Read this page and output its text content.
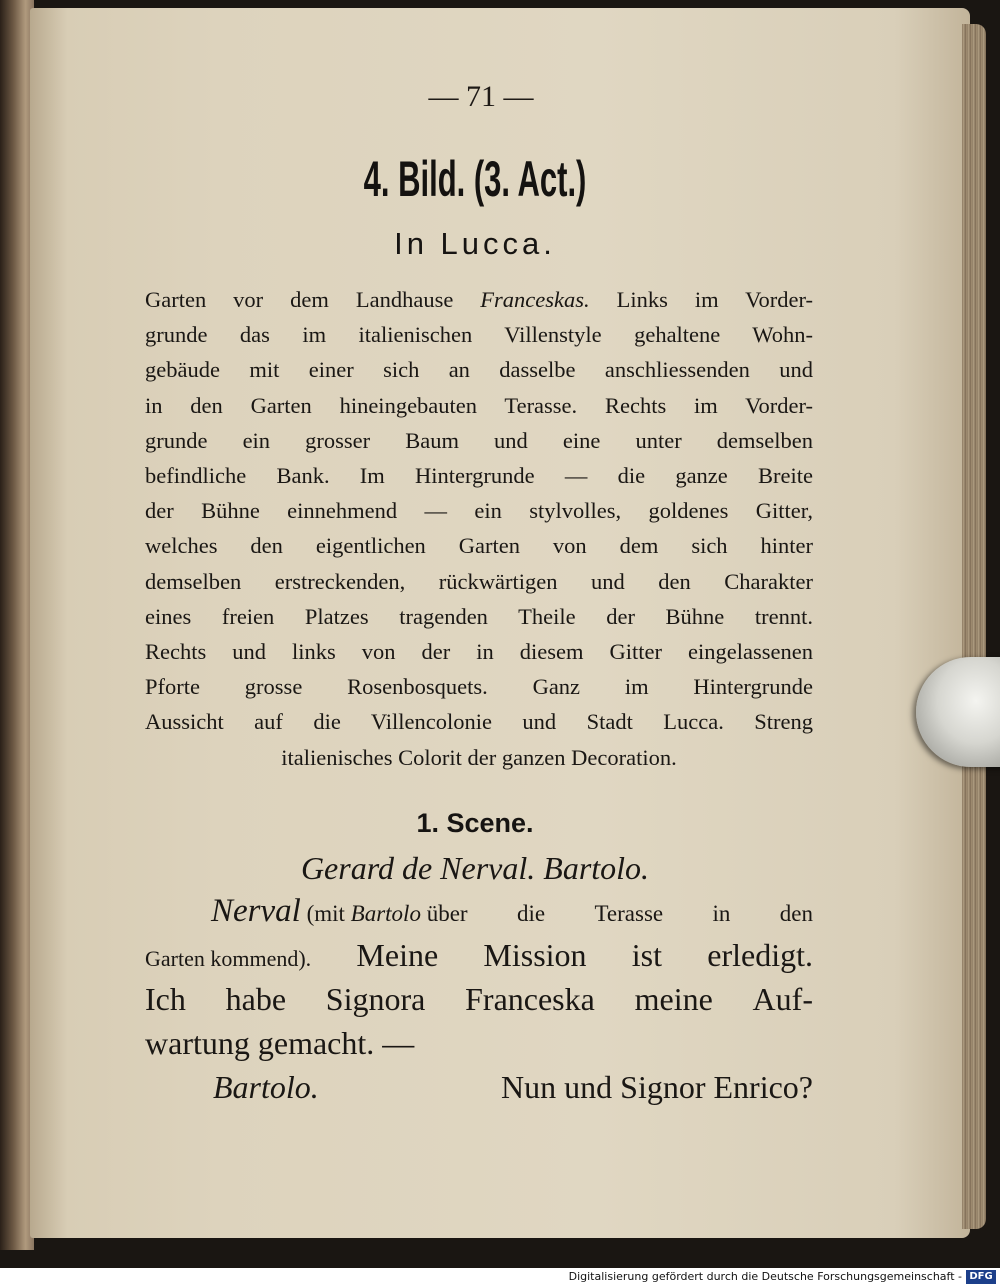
— 71 —
4. Bild. (3. Act.)
In Lucca.

Garten vor dem Landhause Franceskas. Links im Vorder-

grunde das im italienischen Villenstyle gehaltene Wohn-

gebäude mit einer sich an dasselbe anschliessenden und

in den Garten hineingebauten Terasse. Rechts im Vorder-

grunde ein grosser Baum und eine unter demselben

befindliche Bank. Im Hintergrunde — die ganze Breite

der Bühne einnehmend — ein stylvolles, goldenes Gitter,

welches den eigentlichen Garten von dem sich hinter

demselben erstreckenden, rückwärtigen und den Charakter

eines freien Platzes tragenden Theile der Bühne trennt.

Rechts und links von der in diesem Gitter eingelassenen

Pforte grosse Rosenbosquets. Ganz im Hintergrunde

Aussicht auf die Villencolonie und Stadt Lucca. Streng

italienisches Colorit der ganzen Decoration.

1. Scene.
Gerard de Nerval. Bartolo.
Nerval (mit Bartolo über die Terasse in den
Garten kommend). Meine Mission ist erledigt.
Ich habe Signora Franceska meine Auf-
wartung gemacht. —
Bartolo.	Nun und Signor Enrico?
Digitalisierung gefördert durch die Deutsche Forschungsgemeinschaft - DFG
